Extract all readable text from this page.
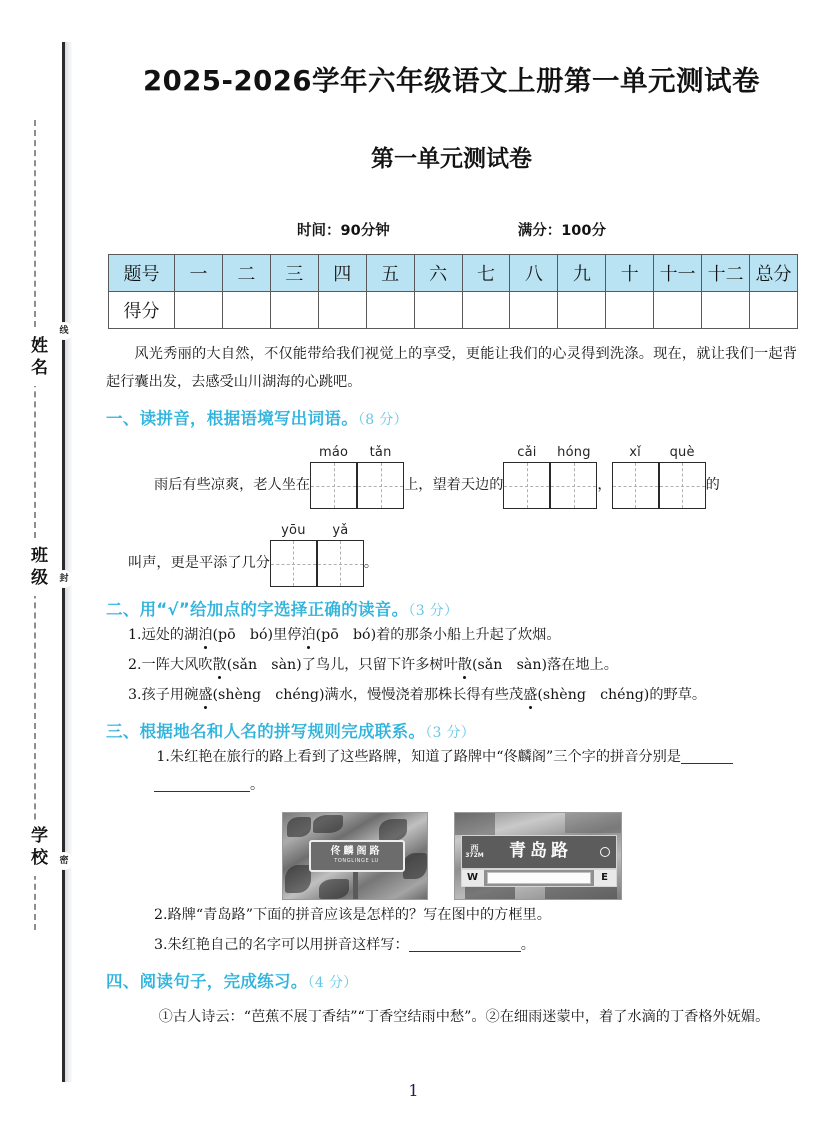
姓名
班级
学校
线
封
密
2025-2026学年六年级语文上册第一单元测试卷
第一单元测试卷
时间：90分钟	满分：100分
题号	一	二	三	四	五	六	七	八	九	十	十一	十二	总分
得分													

风光秀丽的大自然，不仅能带给我们视觉上的享受，更能让我们的心灵得到洗涤。现在，就让我们一起背起行囊出发，去感受山川湖海的心跳吧。

一、读拼音，根据语境写出词语。（8 分）
雨后有些凉爽，老人坐在
máo	tǎn
上，望着天边的
cǎi	hóng
，
xǐ	què
的
叫声，更是平添了几分
yōu	yǎ
。
二、用“√”给加点的字选择正确的读音。（3 分）

1.远处的湖泊(pō　bó)里停泊(pō　bó)着的那条小船上升起了炊烟。

2.一阵大风吹散(sǎn　sàn)了鸟儿，只留下许多树叶散(sǎn　sàn)落在地上。

3.孩子用碗盛(shèng　chéng)满水，慢慢浇着那株长得有些茂盛(shèng　chéng)的野草。

三、根据地名和人名的拼写规则完成联系。（3 分）

1.朱红艳在旅行的路上看到了这些路牌，知道了路牌中“佟麟阁”三个字的拼音分别是
。

佟麟阁路
TONGLINGE LU
西
372M	青岛路
W	E

2.路牌“青岛路”下面的拼音应该是怎样的？写在图中的方框里。

3.朱红艳自己的名字可以用拼音这样写：	。

四、阅读句子，完成练习。（4 分）

①古人诗云：“芭蕉不展丁香结”“丁香空结雨中愁”。②在细雨迷蒙中，着了水滴的丁香格外妩媚。

1
